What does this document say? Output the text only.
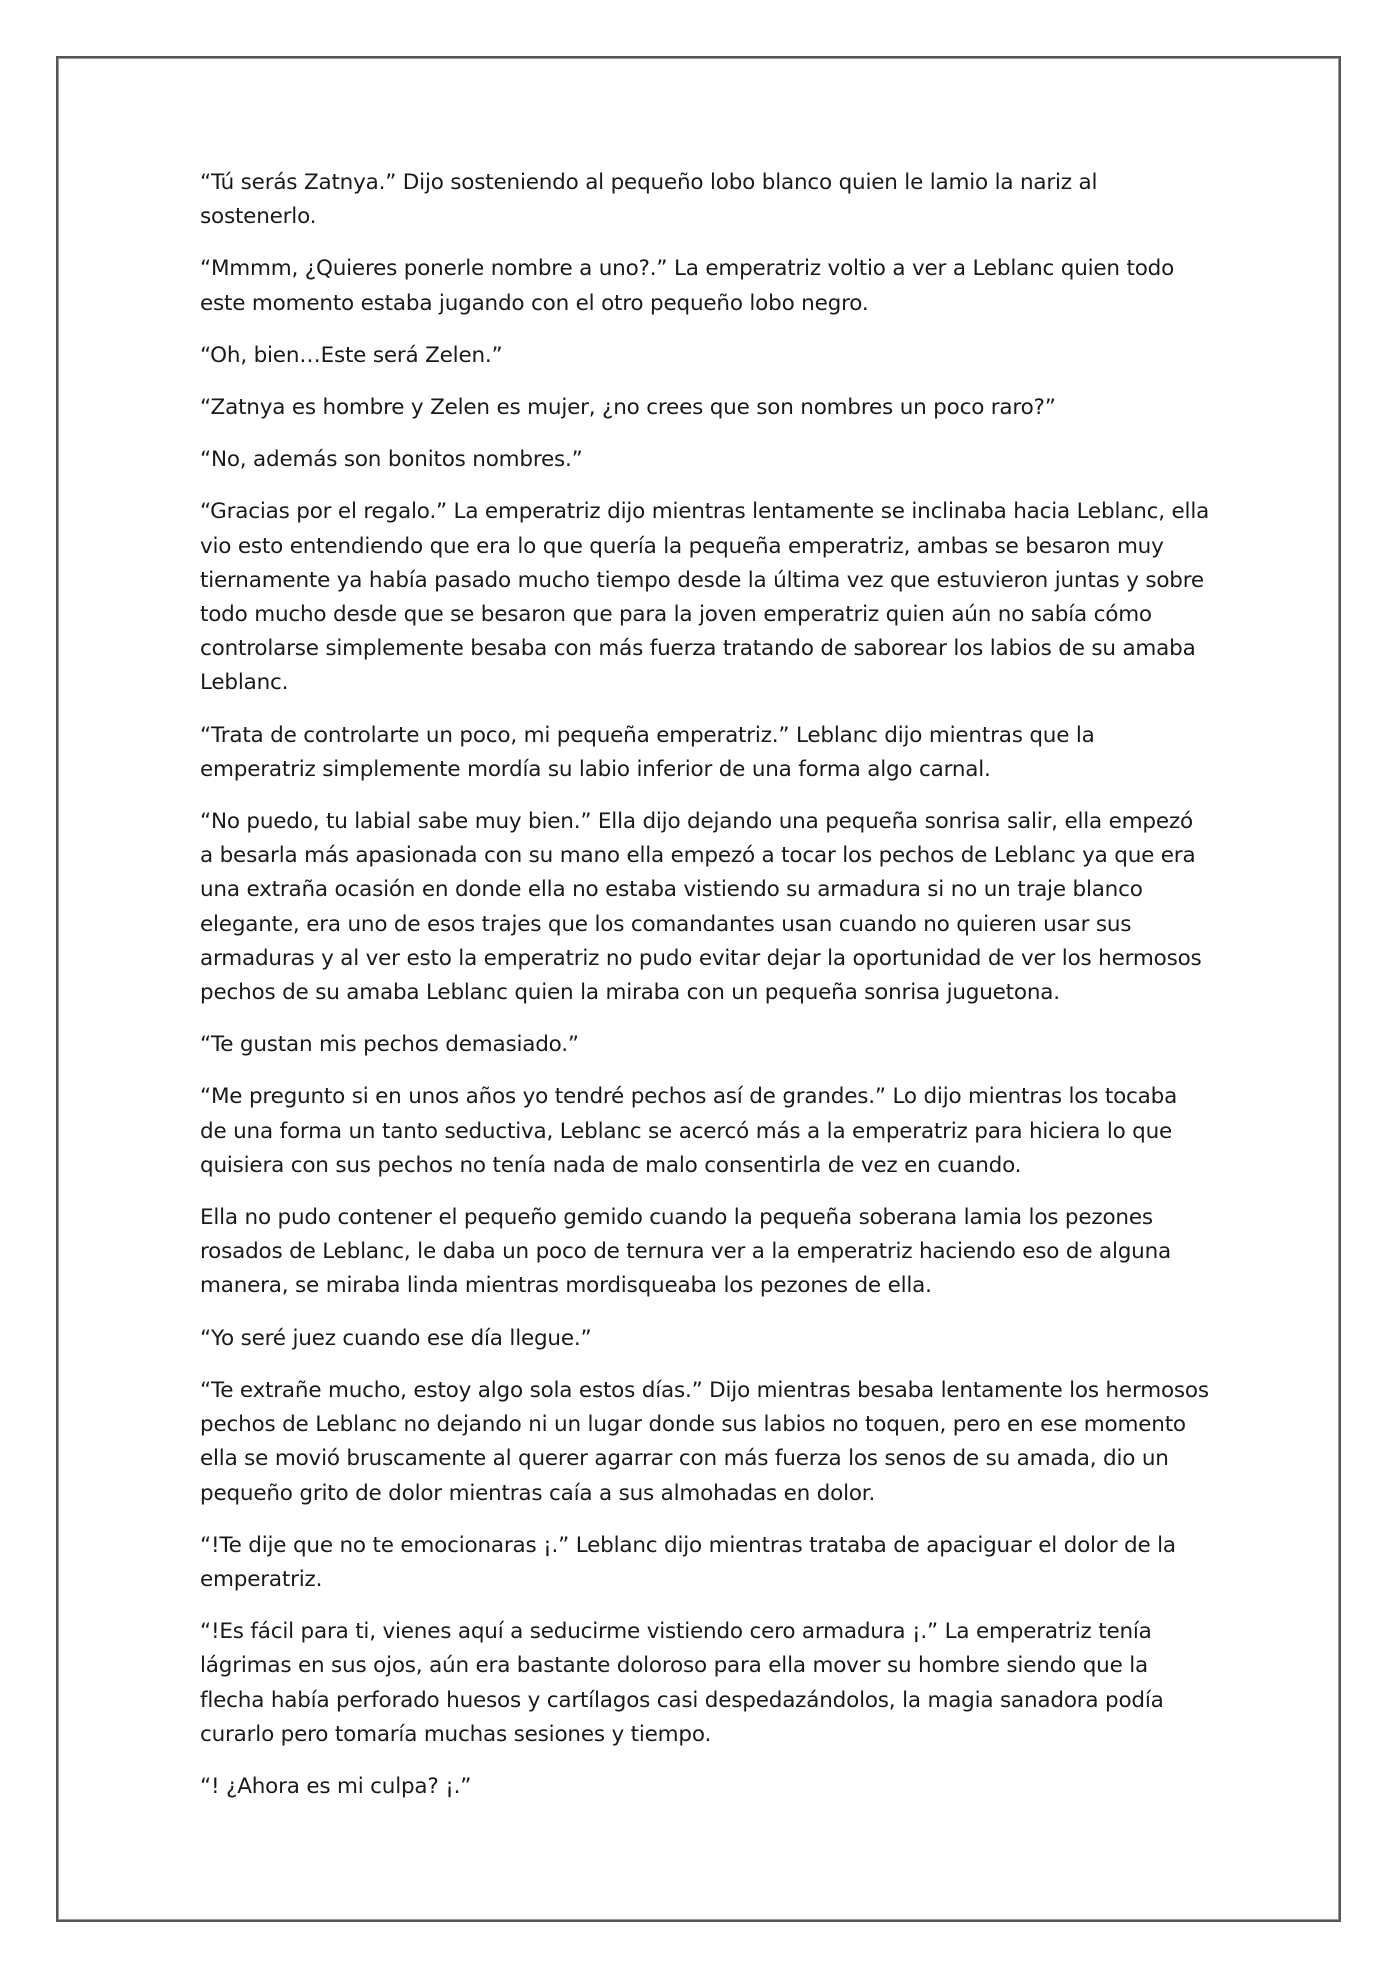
“Tú serás Zatnya.” Dijo sosteniendo al pequeño lobo blanco quien le lamio la nariz al sostenerlo.

“Mmmm, ¿Quieres ponerle nombre a uno?.” La emperatriz voltio a ver a Leblanc quien todo este momento estaba jugando con el otro pequeño lobo negro.

“Oh, bien…Este será Zelen.”

“Zatnya es hombre y Zelen es mujer, ¿no crees que son nombres un poco raro?”

“No, además son bonitos nombres.”

“Gracias por el regalo.” La emperatriz dijo mientras lentamente se inclinaba hacia Leblanc, ella vio esto entendiendo que era lo que quería la pequeña emperatriz, ambas se besaron muy tiernamente ya había pasado mucho tiempo desde la última vez que estuvieron juntas y sobre todo mucho desde que se besaron que para la joven emperatriz quien aún no sabía cómo controlarse simplemente besaba con más fuerza tratando de saborear los labios de su amaba Leblanc.

“Trata de controlarte un poco, mi pequeña emperatriz.” Leblanc dijo mientras que la emperatriz simplemente mordía su labio inferior de una forma algo carnal.

“No puedo, tu labial sabe muy bien.” Ella dijo dejando una pequeña sonrisa salir, ella empezó a besarla más apasionada con su mano ella empezó a tocar los pechos de Leblanc ya que era una extraña ocasión en donde ella no estaba vistiendo su armadura si no un traje blanco elegante, era uno de esos trajes que los comandantes usan cuando no quieren usar sus armaduras y al ver esto la emperatriz no pudo evitar dejar la oportunidad de ver los hermosos pechos de su amaba Leblanc quien la miraba con un pequeña sonrisa juguetona.

“Te gustan mis pechos demasiado.”

“Me pregunto si en unos años yo tendré pechos así de grandes.” Lo dijo mientras los tocaba de una forma un tanto seductiva, Leblanc se acercó más a la emperatriz para hiciera lo que quisiera con sus pechos no tenía nada de malo consentirla de vez en cuando.

Ella no pudo contener el pequeño gemido cuando la pequeña soberana lamia los pezones rosados de Leblanc, le daba un poco de ternura ver a la emperatriz haciendo eso de alguna manera, se miraba linda mientras mordisqueaba los pezones de ella.

“Yo seré juez cuando ese día llegue.”

“Te extrañe mucho, estoy algo sola estos días.” Dijo mientras besaba lentamente los hermosos pechos de Leblanc no dejando ni un lugar donde sus labios no toquen, pero en ese momento ella se movió bruscamente al querer agarrar con más fuerza los senos de su amada, dio un pequeño grito de dolor mientras caía a sus almohadas en dolor.

“!Te dije que no te emocionaras ¡.” Leblanc dijo mientras trataba de apaciguar el dolor de la emperatriz.

“!Es fácil para ti, vienes aquí a seducirme vistiendo cero armadura ¡.” La emperatriz tenía lágrimas en sus ojos, aún era bastante doloroso para ella mover su hombre siendo que la flecha había perforado huesos y cartílagos casi despedazándolos, la magia sanadora podía curarlo pero tomaría muchas sesiones y tiempo.

“! ¿Ahora es mi culpa? ¡.”
